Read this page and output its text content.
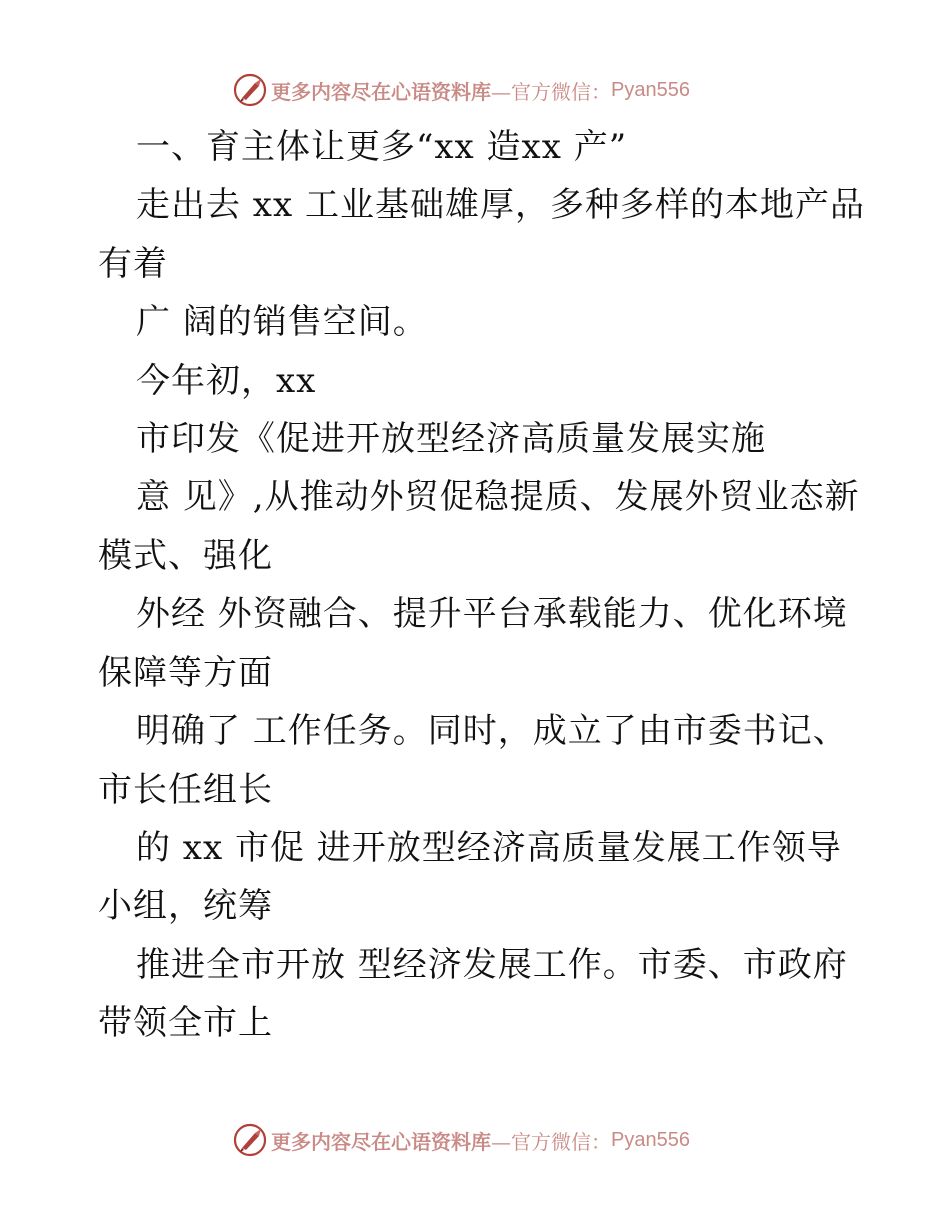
更多内容尽在心语资料库 —官方微信： Pyan556
一、育主体让更多“xx 造xx 产”
走出去 xx 工业基础雄厚，多种多样的本地产品
有着
广 阔的销售空间。
今年初，xx
市印发《促进开放型经济高质量发展实施
意 见》,从推动外贸促稳提质、发展外贸业态新
模式、强化
外经 外资融合、提升平台承载能力、优化环境
保障等方面
明确了 工作任务。同时，成立了由市委书记、
市长任组长
的 xx 市促 进开放型经济高质量发展工作领导
小组，统筹
推进全市开放 型经济发展工作。市委、市政府
带领全市上
更多内容尽在心语资料库 —官方微信： Pyan556
